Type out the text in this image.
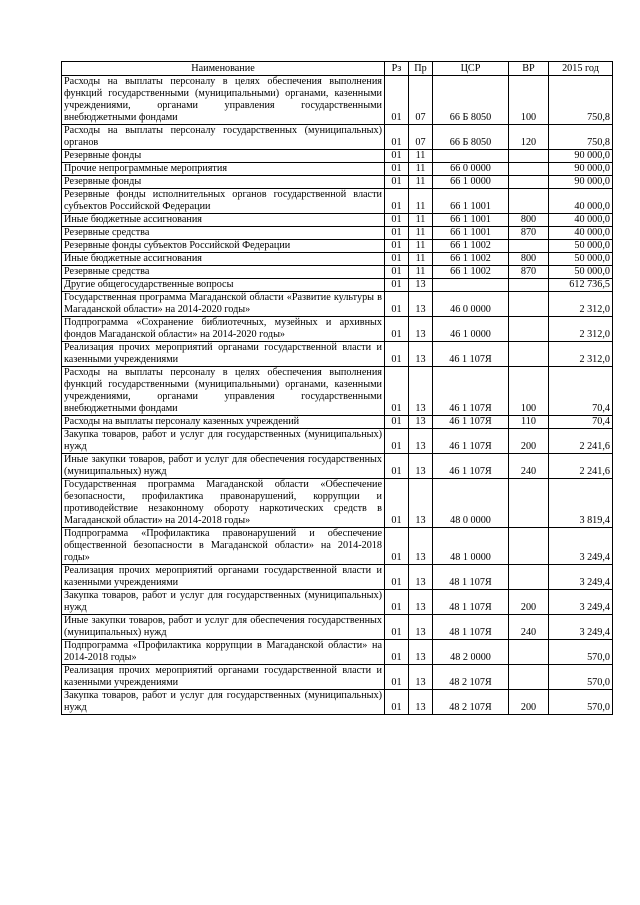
Наименование	Рз	Пр	ЦСР	ВР	2015 год
Расходы на выплаты персоналу в целях обеспечения выполнения функций государственными (муниципальными) органами, казенными учреждениями, органами управления государственными внебюджетными фондами	01	07	66 Б 8050	100	750,8
Расходы на выплаты персоналу государственных (муниципальных) органов	01	07	66 Б 8050	120	750,8
Резервные фонды	01	11			90 000,0
Прочие непрограммные мероприятия	01	11	66 0 0000		90 000,0
Резервные фонды	01	11	66 1 0000		90 000,0
Резервные фонды исполнительных органов государственной власти субъектов Российской Федерации	01	11	66 1 1001		40 000,0
Иные бюджетные ассигнования	01	11	66 1 1001	800	40 000,0
Резервные средства	01	11	66 1 1001	870	40 000,0
Резервные фонды субъектов Российской Федерации	01	11	66 1 1002		50 000,0
Иные бюджетные ассигнования	01	11	66 1 1002	800	50 000,0
Резервные средства	01	11	66 1 1002	870	50 000,0
Другие общегосударственные вопросы	01	13			612 736,5
Государственная программа Магаданской области «Развитие культуры в Магаданской области» на 2014-2020 годы»	01	13	46 0 0000		2 312,0
Подпрограмма «Сохранение библиотечных, музейных и архивных фондов Магаданской области» на 2014-2020 годы»	01	13	46 1 0000		2 312,0
Реализация прочих мероприятий органами государственной власти и казенными учреждениями	01	13	46 1 107Я		2 312,0
Расходы на выплаты персоналу в целях обеспечения выполнения функций государственными (муниципальными) органами, казенными учреждениями, органами управления государственными внебюджетными фондами	01	13	46 1 107Я	100	70,4
Расходы на выплаты персоналу казенных учреждений	01	13	46 1 107Я	110	70,4
Закупка товаров, работ и услуг для государственных (муниципальных) нужд	01	13	46 1 107Я	200	2 241,6
Иные закупки товаров, работ и услуг для обеспечения государственных (муниципальных) нужд	01	13	46 1 107Я	240	2 241,6
Государственная программа Магаданской области «Обеспечение безопасности, профилактика правонарушений, коррупции и противодействие незаконному обороту наркотических средств в Магаданской области» на 2014-2018 годы»	01	13	48 0 0000		3 819,4
Подпрограмма «Профилактика правонарушений и обеспечение общественной безопасности в Магаданской области» на 2014-2018 годы»	01	13	48 1 0000		3 249,4
Реализация прочих мероприятий органами государственной власти и казенными учреждениями	01	13	48 1 107Я		3 249,4
Закупка товаров, работ и услуг для государственных (муниципальных) нужд	01	13	48 1 107Я	200	3 249,4
Иные закупки товаров, работ и услуг для обеспечения государственных (муниципальных) нужд	01	13	48 1 107Я	240	3 249,4
Подпрограмма «Профилактика коррупции в Магаданской области» на 2014-2018 годы»	01	13	48 2 0000		570,0
Реализация прочих мероприятий органами государственной власти и казенными учреждениями	01	13	48 2 107Я		570,0
Закупка товаров, работ и услуг для государственных (муниципальных) нужд	01	13	48 2 107Я	200	570,0
